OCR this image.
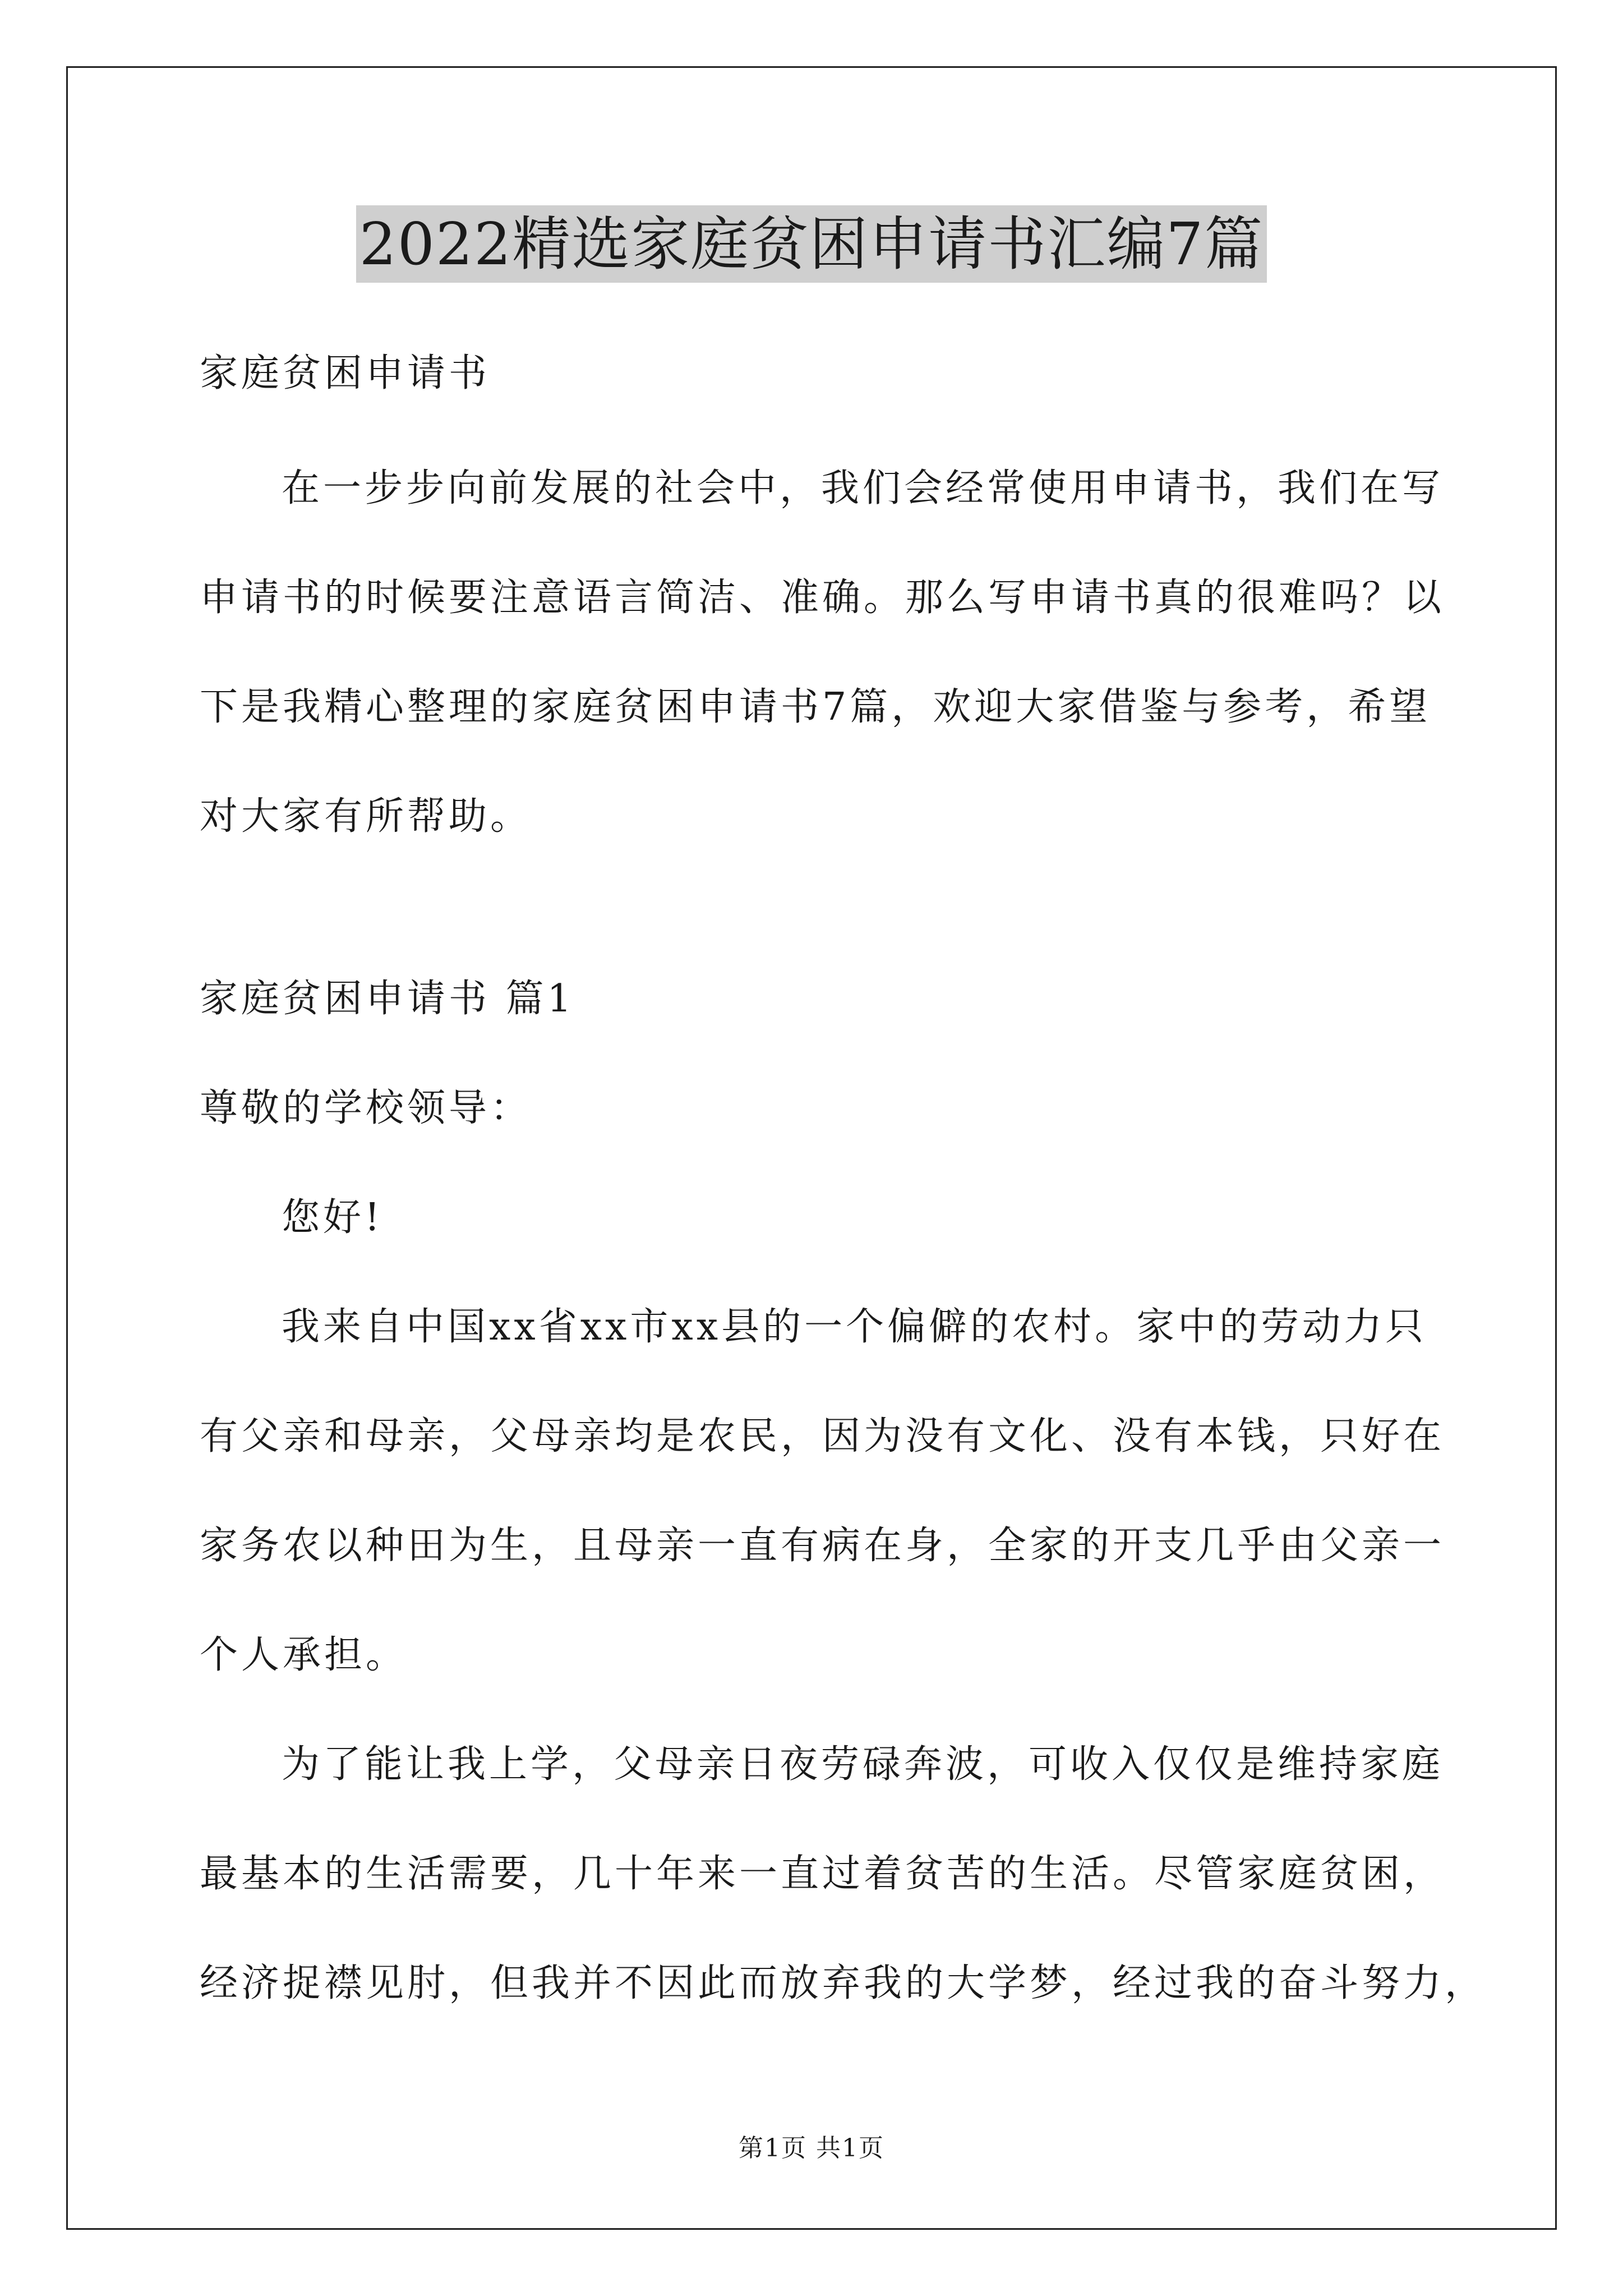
2022精选家庭贫困申请书汇编7篇
家庭贫困申请书
在一步步向前发展的社会中，我们会经常使用申请书，我们在写
申请书的时候要注意语言简洁、准确。那么写申请书真的很难吗？以
下是我精心整理的家庭贫困申请书7篇，欢迎大家借鉴与参考，希望
对大家有所帮助。
家庭贫困申请书 篇1
尊敬的学校领导：
您好!
我来自中国xx省xx市xx县的一个偏僻的农村。家中的劳动力只
有父亲和母亲，父母亲均是农民，因为没有文化、没有本钱，只好在
家务农以种田为生，且母亲一直有病在身，全家的开支几乎由父亲一
个人承担。
为了能让我上学，父母亲日夜劳碌奔波，可收入仅仅是维持家庭
最基本的生活需要，几十年来一直过着贫苦的生活。尽管家庭贫困，
经济捉襟见肘，但我并不因此而放弃我的大学梦，经过我的奋斗努力，
第1页 共1页
